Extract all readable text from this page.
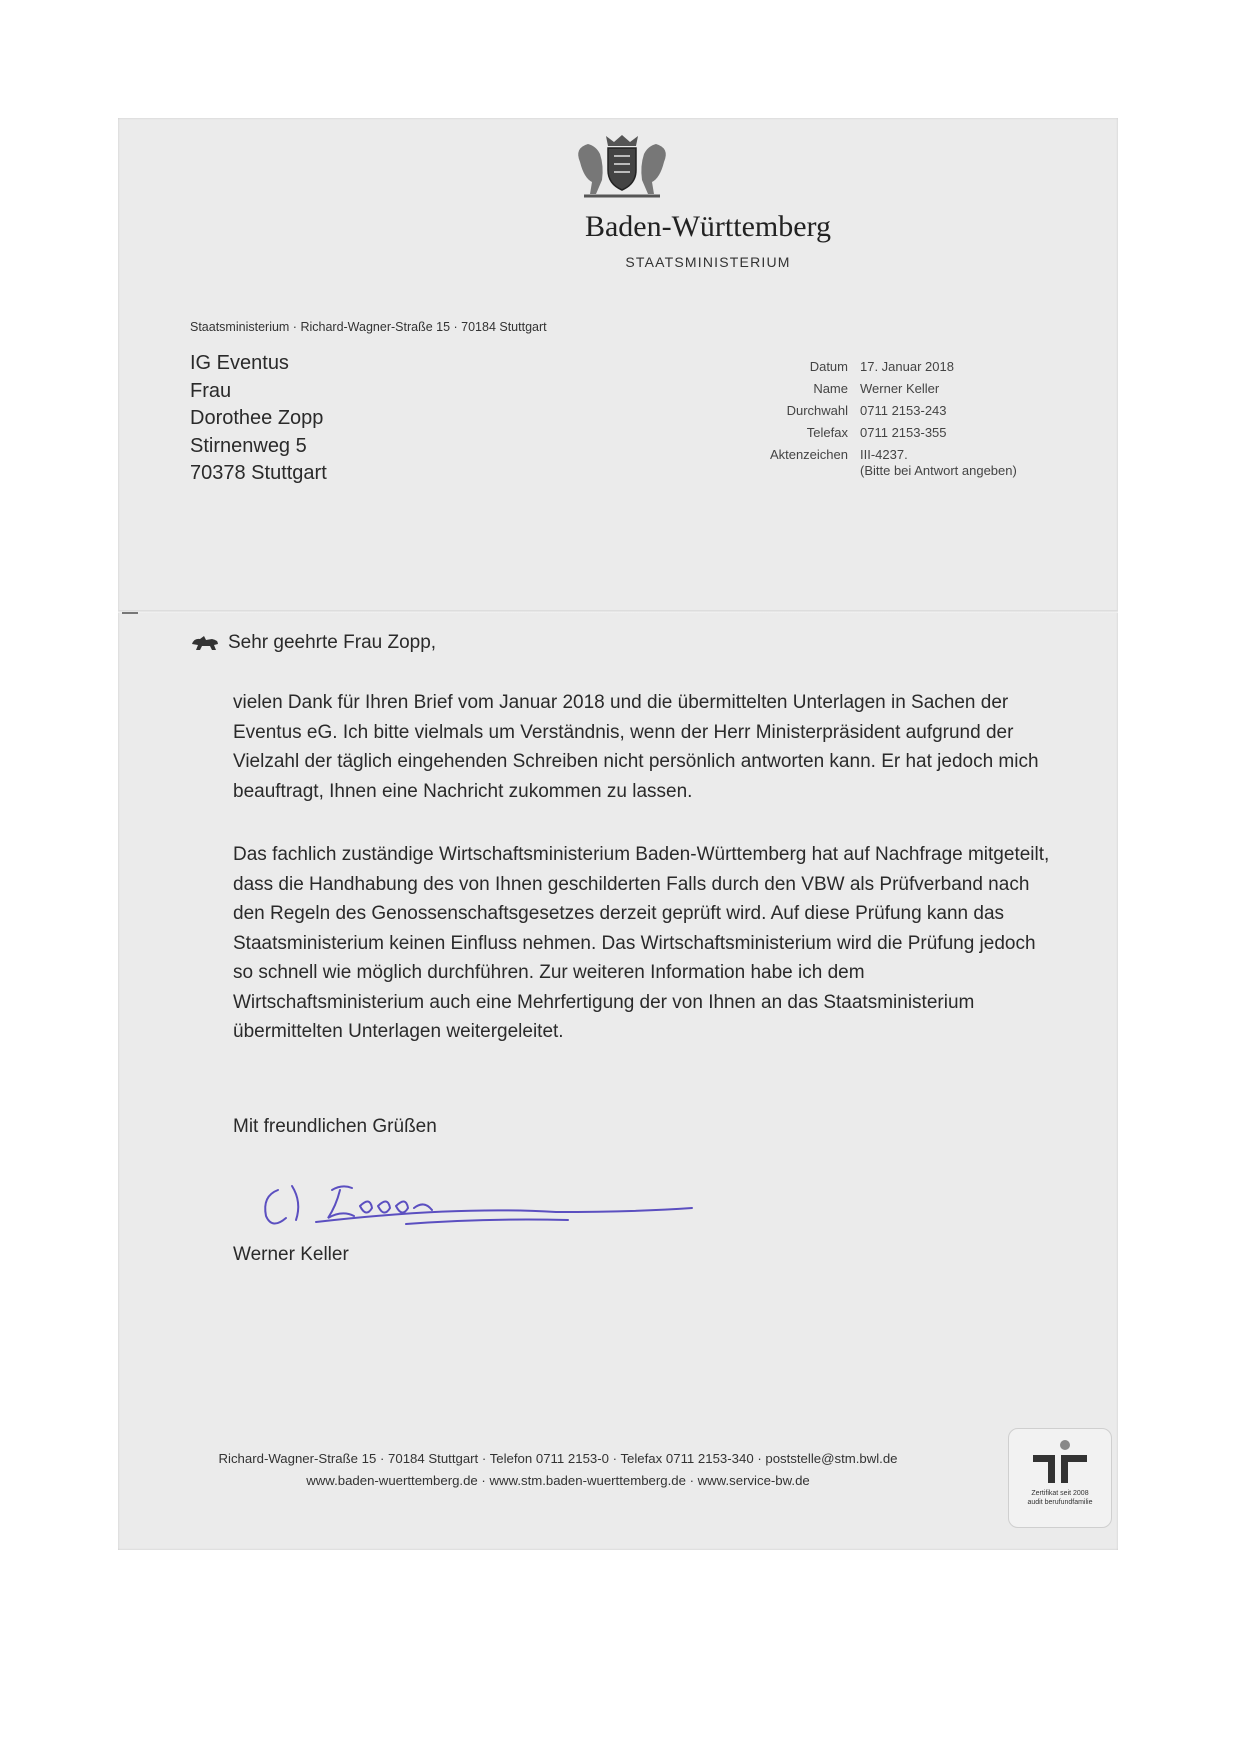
Baden-Württemberg
STAATSMINISTERIUM
Staatsministerium · Richard-Wagner-Straße 15 · 70184 Stuttgart
IG Eventus
Frau
Dorothee Zopp
Stirnenweg 5
70378 Stuttgart
Datum 17. Januar 2018
Name Werner Keller
Durchwahl 0711 2153-243
Telefax 0711 2153-355
Aktenzeichen III-4237.
(Bitte bei Antwort angeben)
Sehr geehrte Frau Zopp,

vielen Dank für Ihren Brief vom Januar 2018 und die übermittelten Unterlagen in Sachen der Eventus eG. Ich bitte vielmals um Verständnis, wenn der Herr Ministerpräsident aufgrund der Vielzahl der täglich eingehenden Schreiben nicht persönlich antworten kann. Er hat jedoch mich beauftragt, Ihnen eine Nachricht zukommen zu lassen.

Das fachlich zuständige Wirtschaftsministerium Baden-Württemberg hat auf Nachfrage mitgeteilt, dass die Handhabung des von Ihnen geschilderten Falls durch den VBW als Prüfverband nach den Regeln des Genossenschaftsgesetzes derzeit geprüft wird. Auf diese Prüfung kann das Staatsministerium keinen Einfluss nehmen. Das Wirtschaftsministerium wird die Prüfung jedoch so schnell wie möglich durchführen. Zur weiteren Information habe ich dem Wirtschaftsministerium auch eine Mehrfertigung der von Ihnen an das Staatsministerium übermittelten Unterlagen weitergeleitet.

Mit freundlichen Grüßen
Werner Keller
Richard-Wagner-Straße 15 · 70184 Stuttgart · Telefon 0711 2153-0 · Telefax 0711 2153-340 · poststelle@stm.bwl.de
www.baden-wuerttemberg.de · www.stm.baden-wuerttemberg.de · www.service-bw.de
Zertifikat seit 2008
audit berufundfamilie
